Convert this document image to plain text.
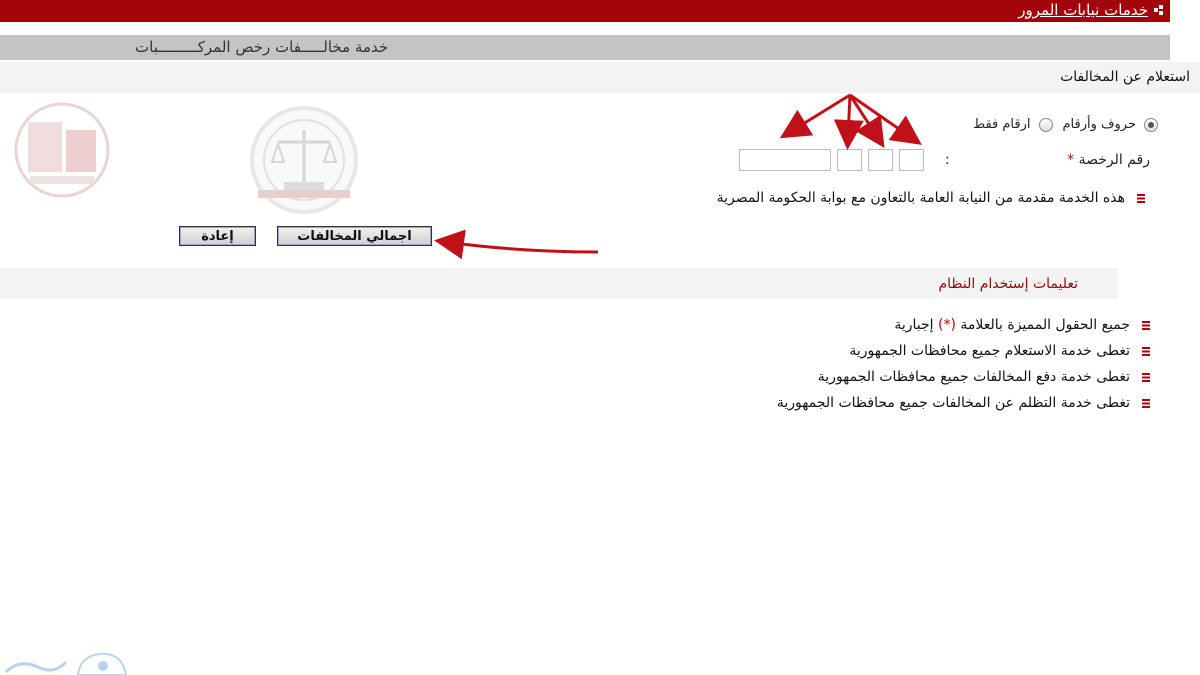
خدمات نيابات المرور
خدمة مخالـــــفات رخص المركـــــــــبات
استعلام عن المخالفات
حروف وأرقام
ارقام فقط
رقم الرخصة *
:
هذه الخدمة مقدمة من النيابة العامة بالتعاون مع بوابة الحكومة المصرية
اجمالي المخالفات
إعادة
تعليمات إستخدام النظام
جميع الحقول المميزة بالعلامة (*) إجبارية
تغطى خدمة الاستعلام جميع محافظات الجمهورية
تغطى خدمة دفع المخالفات جميع محافظات الجمهورية
تغطى خدمة التظلم عن المخالفات جميع محافظات الجمهورية
